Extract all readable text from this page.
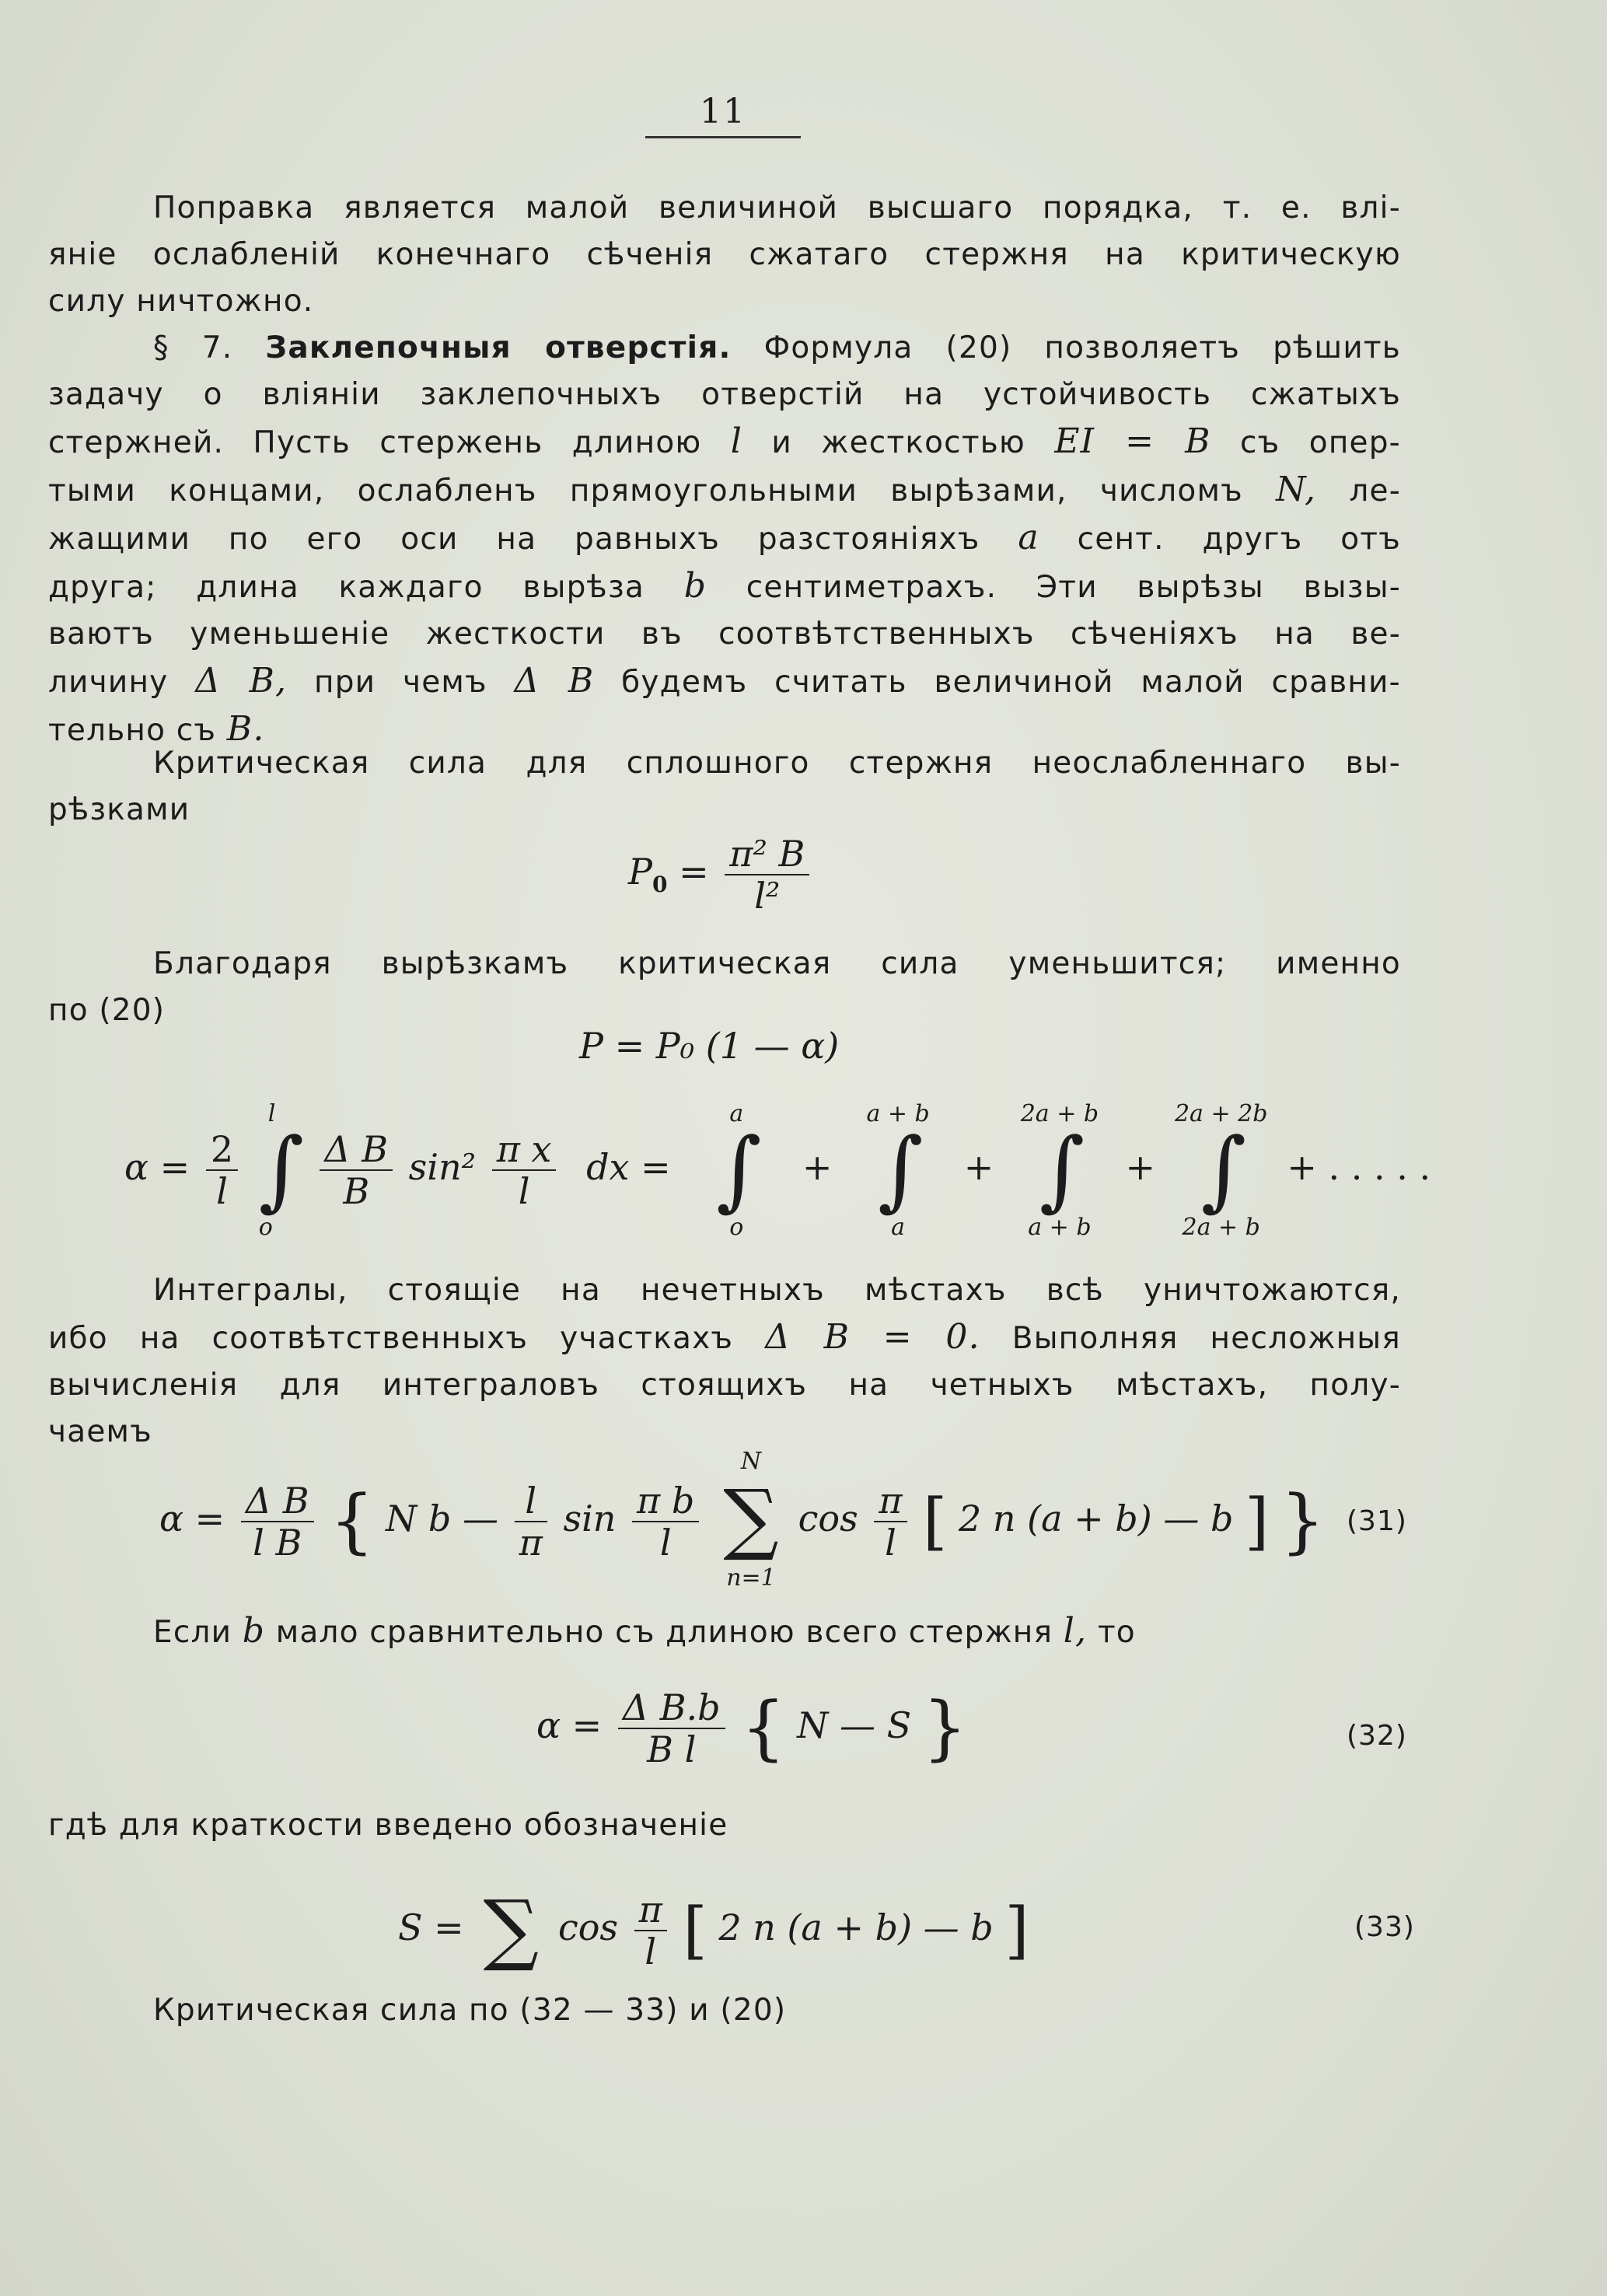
11
Поправка является малой величиной высшаго порядка, т. е. влі-
янiе ослабленiй конечнаго сѣченiя сжатаго стержня на критическую
силу ничтожно.
§ 7. Заклепочныя отверстія. Формула (20) позволяетъ рѣшить
задачу о вліяніи заклепочныхъ отверстій на устойчивость сжатыхъ
стержней. Пусть стержень длиною l и жесткостью EI = B съ опер-
тыми концами, ослабленъ прямоугольными вырѣзами, числомъ N, ле-
жащими по его оси на равныхъ разстояніяхъ a сент. другъ отъ
друга; длина каждаго вырѣза b сентиметрахъ. Эти вырѣзы вызы-
ваютъ уменьшеніе жесткости въ соотвѣтственныхъ сѣченіяхъ на ве-
личину Δ B, при чемъ Δ B будемъ считать величиной малой сравни-
тельно съ B.
Критическая сила для сплошного стержня неослабленнаго вы-
рѣзками
$P_0 = \frac{\text{π² B}}{\text{l²}}$
Благодаря вырѣзкамъ критическая сила уменьшится; именно
по (20)
P = P₀ (1 — α)
$\alpha = \frac{2}{l}$

l
∫
o

$\frac{\text{Δ B}}{B} \sin^2 \frac{\text{π x}}{l}$ dx =
a
∫
o
+
a + b
∫
a
+
2a + b
∫
a + b
+
2a + 2b
∫
2a + b
+ . . . . .
Интегралы, стоящіе на нечетныхъ мѣстахъ всѣ уничтожаются,
ибо на соотвѣтственныхъ участкахъ Δ B = 0. Выполняя несложныя
вычисленія для интеграловъ стоящихъ на четныхъ мѣстахъ, полу-
чаемъ
$\alpha = \frac{\text{Δ B}}{\text{l B}}$ { N b — $\frac{l}{\pi}$ $\sin \frac{\text{π b}}{l}$

N
∑
n=1
$\cos \frac{\pi}{l}$ [ 2 n (a + b) — b ] } (31)
Если b мало сравнительно съ длиною всего стержня l, то
$\alpha = \frac{\text{Δ B.b}}{\text{B l}}$ { N — S }	(32)
гдѣ для краткости введено обозначеніе
S = ∑ $\cos \frac{\pi}{l}$ [ 2 n (a + b) — b ]	(33)
Критическая сила по (32 — 33) и (20)
